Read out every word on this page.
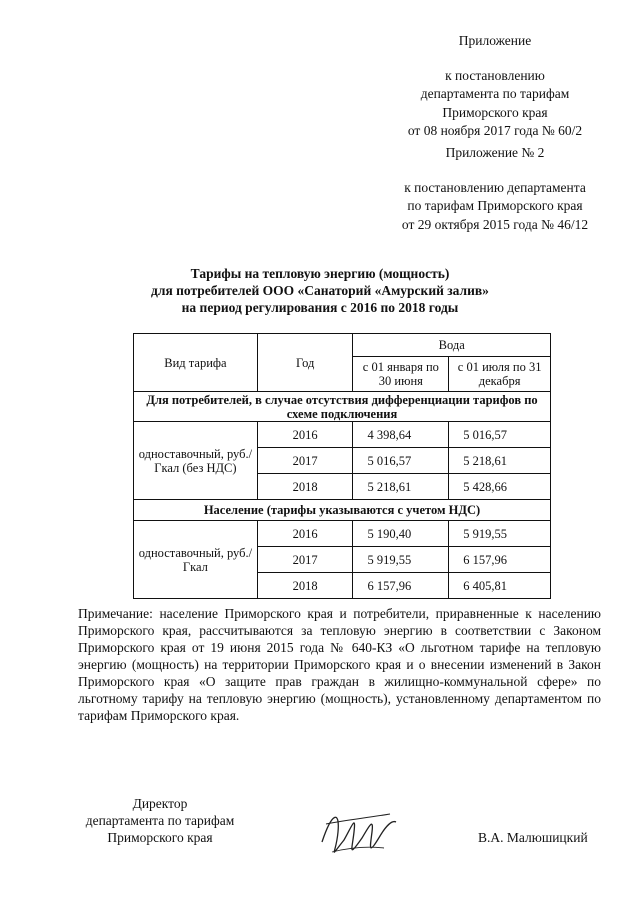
Приложение
к постановлению
департамента по тарифам
Приморского края
от 08 ноября 2017 года № 60/2
Приложение № 2
к постановлению департамента
по тарифам Приморского края
от 29 октября 2015 года № 46/12
Тарифы на тепловую энергию (мощность)
для потребителей ООО «Санаторий «Амурский залив»
на период регулирования с 2016 по 2018 годы
Вид тарифа	Год	Вода	
		с 01 января по 30 июня	с 01 июля по 31 декабря
Для потребителей, в случае отсутствия дифференциации тарифов по схеме подключения			
одноставочный, руб./Гкал (без НДС)	2016	4 398,64	5 016,57
	2017	5 016,57	5 218,61
	2018	5 218,61	5 428,66
Население (тарифы указываются с учетом НДС)			
одноставочный, руб./Гкал	2016	5 190,40	5 919,55
	2017	5 919,55	6 157,96
	2018	6 157,96	6 405,81
Примечание: население Приморского края и потребители, приравненные к населению Приморского края, рассчитываются за тепловую энергию в соответствии с Законом Приморского края от 19 июня 2015 года № 640-КЗ «О льготном тарифе на тепловую энергию (мощность) на территории Приморского края и о внесении изменений в Закон Приморского края «О защите прав граждан в жилищно-коммунальной сфере» по льготному тарифу на тепловую энергию (мощность), установленному департаментом по тарифам Приморского края.
Директор
департамента по тарифам
Приморского края	В.А. Малюшицкий
